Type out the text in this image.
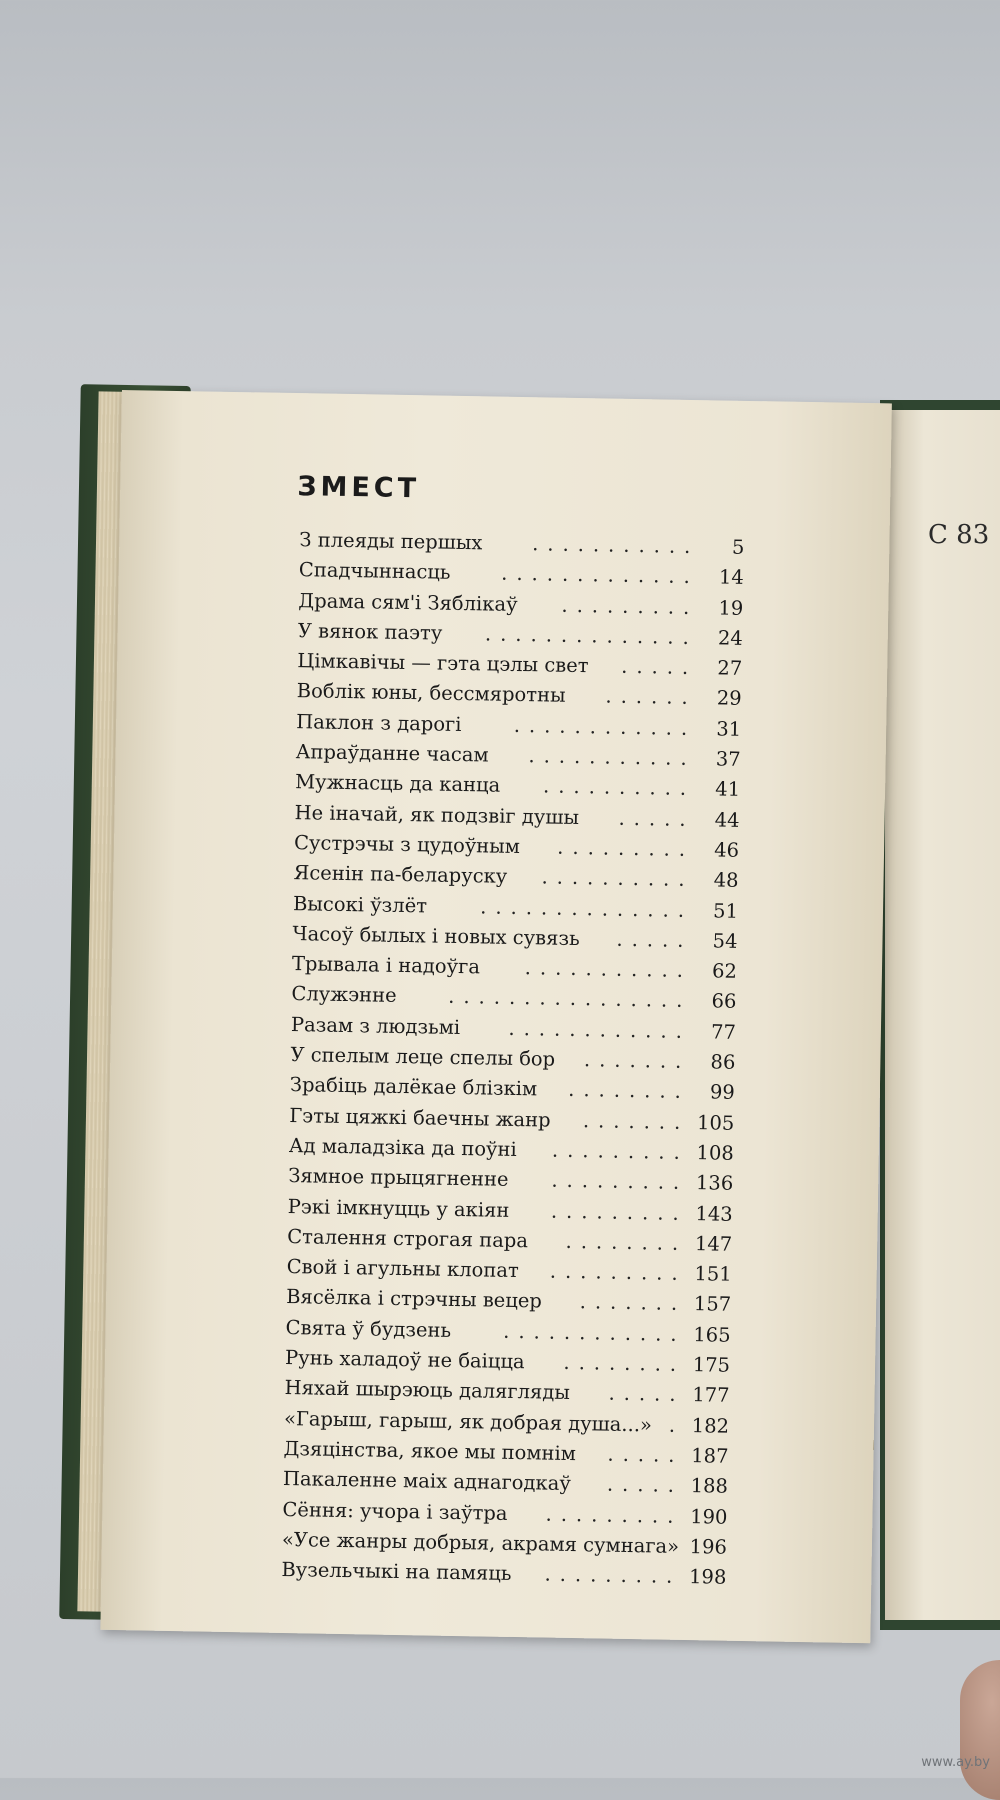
С 83
ЗМЕСТ
З плеяды першых	........... 5
Спадчыннасць	............. 14
Драма сям'і Зяблікаў ......... 19
У вянок паэту .............. 24
Цімкавічы — гэта цэлы свет ..... 27
Воблік юны, бессмяротны ...... 29
Паклон з дарогі	............ 31
Апраўданне часам ........... 37
Мужнасць да канца .......... 41
Не іначай, як подзвіг душы ..... 44
Сустрэчы з цудоўным ......... 46
Ясенін па-беларуску .......... 48
Высокі ўзлёт	.............. 51
Часоў былых і новых сувязь ..... 54
Трывала і надоўга ........... 62
Служэнне	................ 66
Разам з людзьмі ............ 77
У спелым лецe спелы бор ....... 86
Зрабіць далёкае блізкім ........ 99
Гэты цяжкі баечны жанр ....... 105
Ад маладзіка да поўні ......... 108
Зямное прыцягненне ......... 136
Рэкі імкнуцць у акіян ......... 143
Сталення строгая пара ........ 147
Свой і агульны клопат ......... 151
Вясёлка і стрэчны вецер ....... 157
Свята ў будзень	............ 165
Рунь халадоў не баіцца ........ 175
Няхай шырэюць далягляды ..... 177
«Гарыш, гарыш, як добрая душа...» . 182
Дзяцінства, якое мы помнім ..... 187
Пакаленне маіх аднагодкаў ..... 188
Сёння: учора і заўтра ......... 190
«Усе жанры добрыя, акрамя сумнага» 196
Вузельчыкі на памяць ......... 198
www.ay.by
